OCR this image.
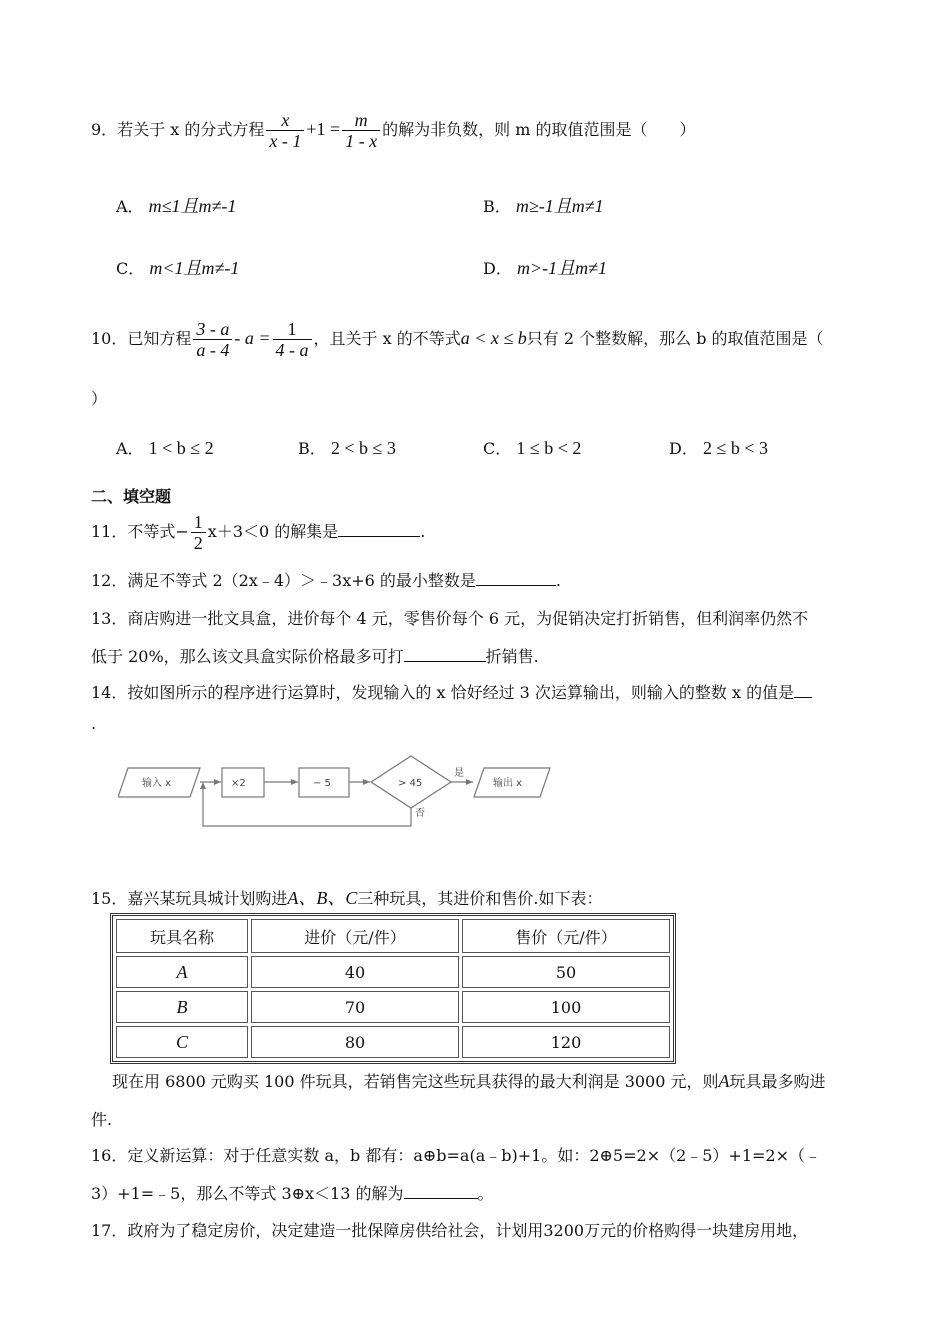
9．若关于 x 的分式方程 $\frac{x}{x - 1} +1 = \frac{m}{1 - x}$ 的解为非负数，则 m 的取值范围是（　　）
A． m≤1且m≠-1	B． m≥-1且m≠1
C． m<1且m≠-1	D． m>-1且m≠1
10．已知方程 $\frac{3 - a}{a - 4} - a = \frac{1}{4 - a}$ ，且关于 x 的不等式a < x ≤ b只有 2 个整数解，那么 b 的取值范围是（
）
A． 1 < b ≤ 2	B． 2 < b ≤ 3	C． 1 ≤ b < 2	D． 2 ≤ b < 3
二、填空题
11．不等式− $\frac{1}{2} x+3<0$ 的解集是	.
12．满足不等式 2（2x﹣4）＞﹣3x+6 的最小整数是	.
13．商店购进一批文具盒，进价每个 4 元，零售价每个 6 元，为促销决定打折销售，但利润率仍然不
低于 20%，那么该文具盒实际价格最多可打	折销售.
14．按如图所示的程序进行运算时，发现输入的 x 恰好经过 3 次运算输出，则输入的整数 x 的值是
.
输入 x	×2	− 5	> 45
是
否
输出 x
15．嘉兴某玩具城计划购进A、B、C三种玩具，其进价和售价.如下表：
玩具名称	进价（元/件）	售价（元/件）
A	40	50
B	70	100
C	80	120
现在用 6800 元购买 100 件玩具，若销售完这些玩具获得的最大利润是 3000 元，则A玩具最多购进
件.
16．定义新运算：对于任意实数 a，b 都有：a⊕b=a(a﹣b)+1。如：2⊕5=2×（2﹣5）+1=2×（﹣
3）+1=﹣5，那么不等式 3⊕x＜13 的解为	。
17．政府为了稳定房价，决定建造一批保障房供给社会，计划用3200万元的价格购得一块建房用地，
